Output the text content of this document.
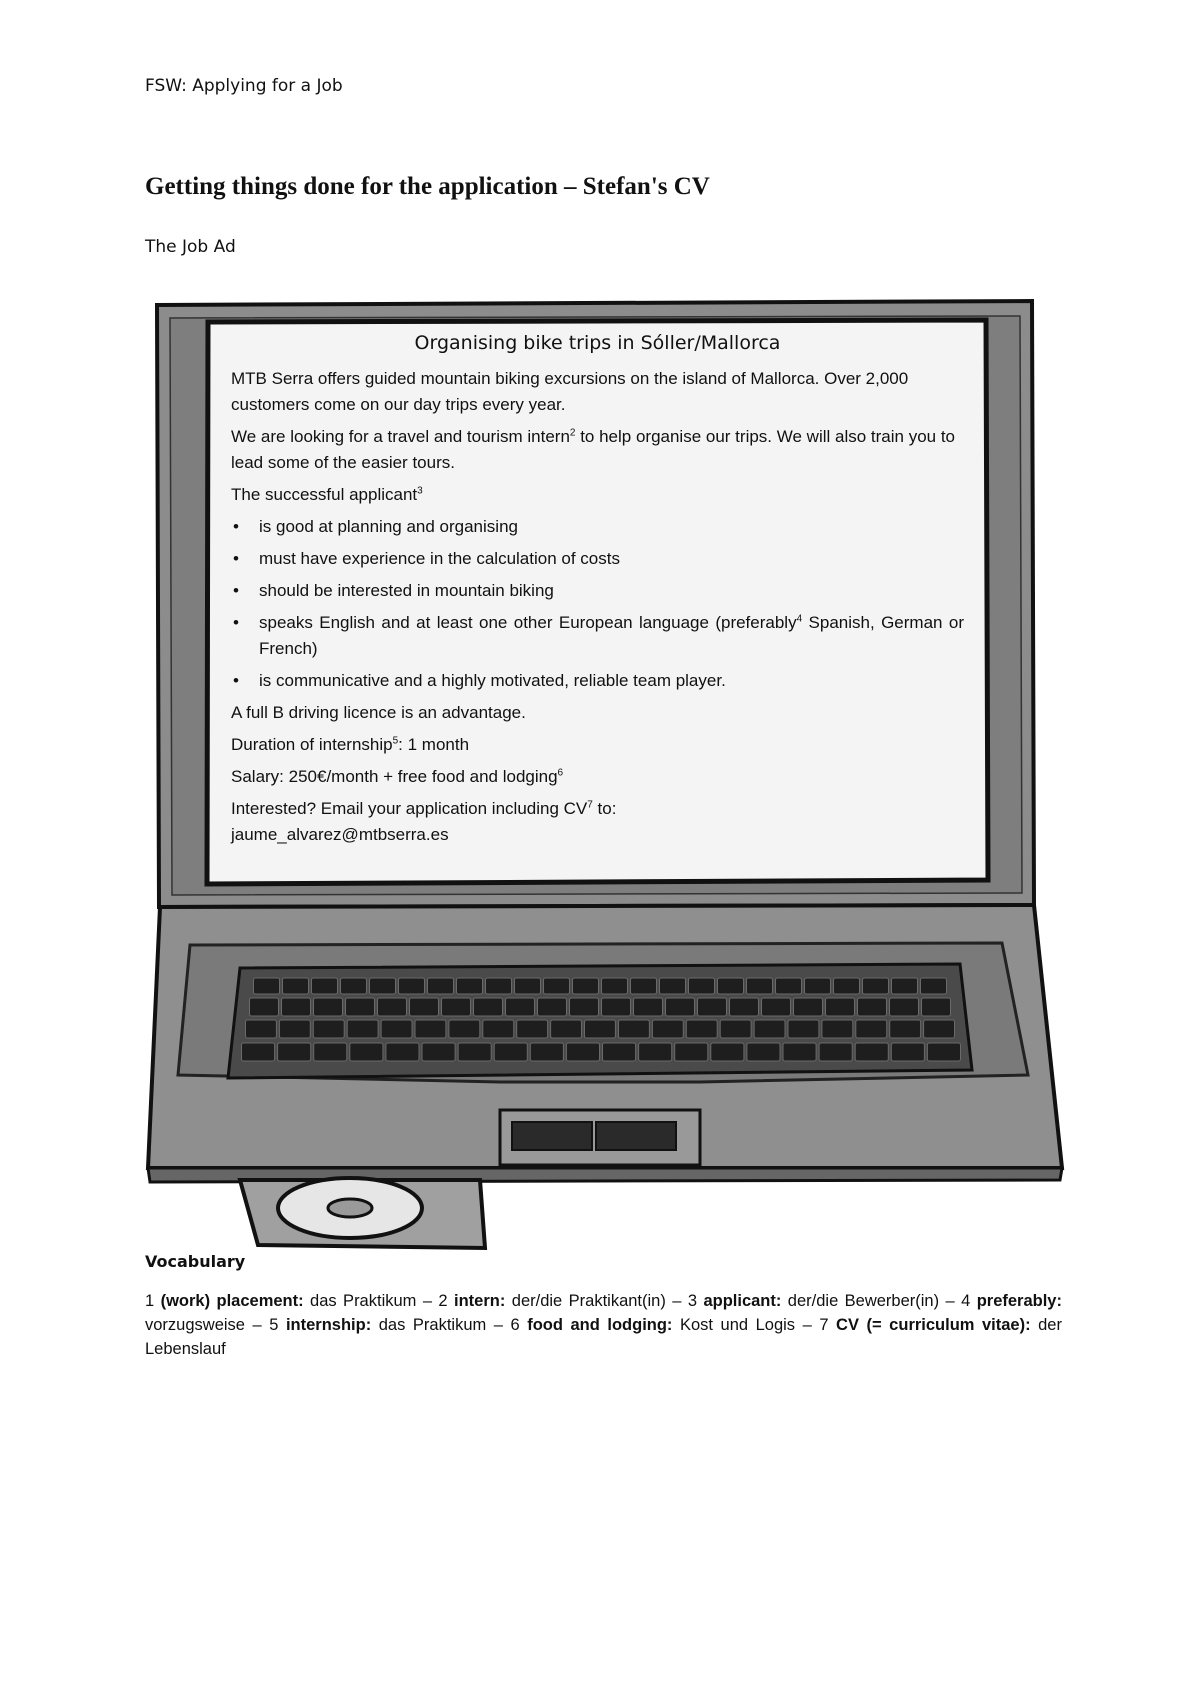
FSW: Applying for a Job
Getting things done for the application – Stefan's CV
The Job Ad
Organising bike trips in Sóller/Mallorca

MTB Serra offers guided mountain biking excursions on the island of Mallorca. Over 2,000 customers come on our day trips every year.

We are looking for a travel and tourism intern$^2$ to help organise our trips. We will also train you to lead some of the easier tours.

The successful applicant$^3$

• is good at planning and organising
• must have experience in the calculation of costs
• should be interested in mountain biking
• speaks English and at least one other European language (preferably$^4$ Spanish, German or French)
• is communicative and a highly motivated, reliable team player.

A full B driving licence is an advantage.

Duration of internship$^5$: 1 month

Salary: 250€/month + free food and lodging$^6$

Interested? Email your application including $CV^7$ to:

jaume_alvarez@mtbserra.es

Vocabulary

1 (work) placement: das Praktikum – 2 intern: der/die Praktikant(in) – 3 applicant: der/die Bewerber(in) – 4 preferably: vorzugsweise – 5 internship: das Praktikum – 6 food and lodging: Kost und Logis – 7 CV (= curriculum vitae): der Lebenslauf
